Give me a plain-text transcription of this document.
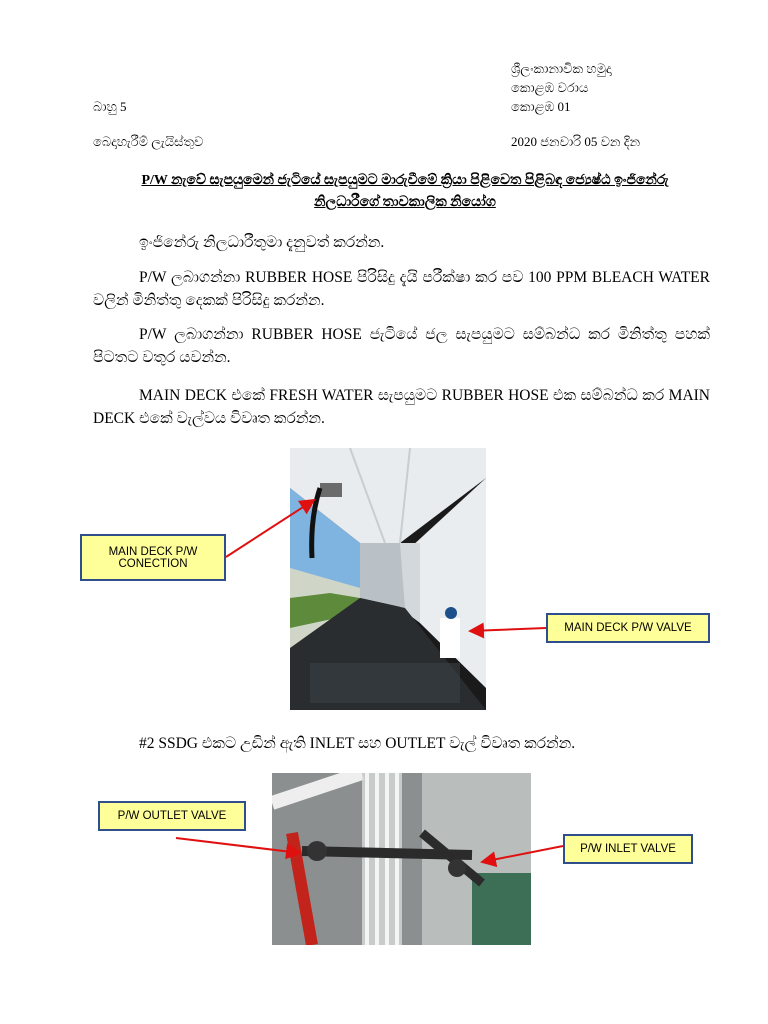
ශ්‍රීලංකානාවික හමුදා
කොළඹ වරාය
බාහු 5	කොළඹ 01
බෙදාහැරීම් ලැයිස්තුව	2020 ජනවාරි 05 වන දින
P/W නැවේ සැපයුමෙන් ජැටියේ සැපයුමට මාරුවීමේ ක්‍රියා පිළිවෙත පිළිබඳ ජ්‍යෙෂ්ඨ ඉංජිනේරු
නිලධාරීගේ තාවකාලික නියෝග
ඉංජිනේරු නිලධාරීතුමා දැනුවත් කරන්න.
P/W ලබාගන්නා RUBBER HOSE පිරිසිදු දැයි පරීක්ෂා කර පව 100 PPM BLEACH WATER වලින් මිනිත්තු දෙකක් පිරිසිදු කරන්න.
P/W ලබාගන්නා RUBBER HOSE ජැටියේ ජල සැපයුමට සම්බන්ධ කර මිනිත්තු පහක් පිටතට වතුර යවන්න.
MAIN DECK එකේ FRESH WATER සැපයුමට RUBBER HOSE එක සම්බන්ධ කර MAIN DECK එකේ වැල්වය විවෘත කරන්න.
#2 SSDG එකට උඩින් ඇති INLET සහ OUTLET වැල් විවෘත කරන්න.
MAIN DECK P/W CONECTION
MAIN DECK P/W VALVE
P/W OUTLET VALVE
P/W INLET VALVE
